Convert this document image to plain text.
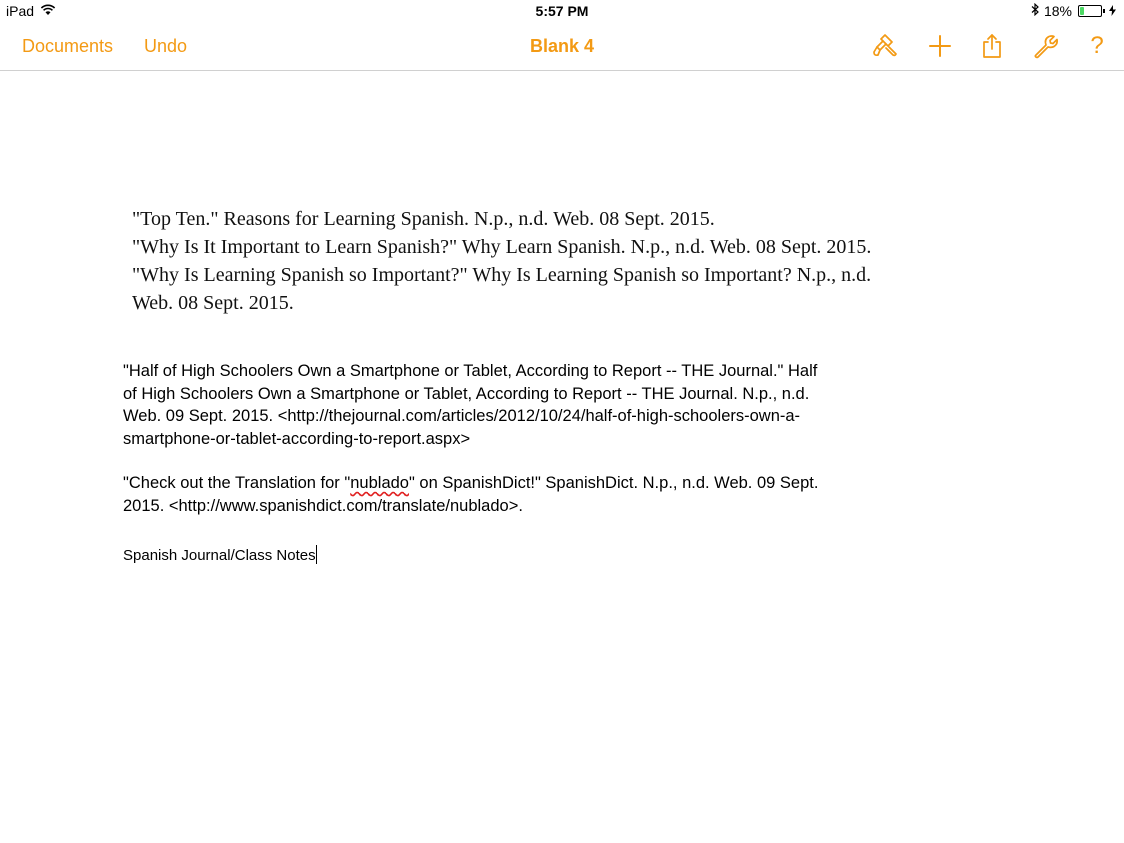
iPad	5:57 PM	18%
Documents Undo	Blank 4	?

"Top Ten." Reasons for Learning Spanish. N.p., n.d. Web. 08 Sept. 2015.

"Why Is It Important to Learn Spanish?" Why Learn Spanish. N.p., n.d. Web. 08 Sept. 2015.

"Why Is Learning Spanish so Important?" Why Is Learning Spanish so Important? N.p., n.d.

Web. 08 Sept. 2015.

"Half of High Schoolers Own a Smartphone or Tablet, According to Report -- THE Journal." Half

of High Schoolers Own a Smartphone or Tablet, According to Report -- THE Journal. N.p., n.d.

Web. 09 Sept. 2015. <http://thejournal.com/articles/2012/10/24/half-of-high-schoolers-own-a-

smartphone-or-tablet-according-to-report.aspx>

"Check out the Translation for "nublado" on SpanishDict!" SpanishDict. N.p., n.d. Web. 09 Sept.

2015. <http://www.spanishdict.com/translate/nublado>.

Spanish Journal/Class Notes
